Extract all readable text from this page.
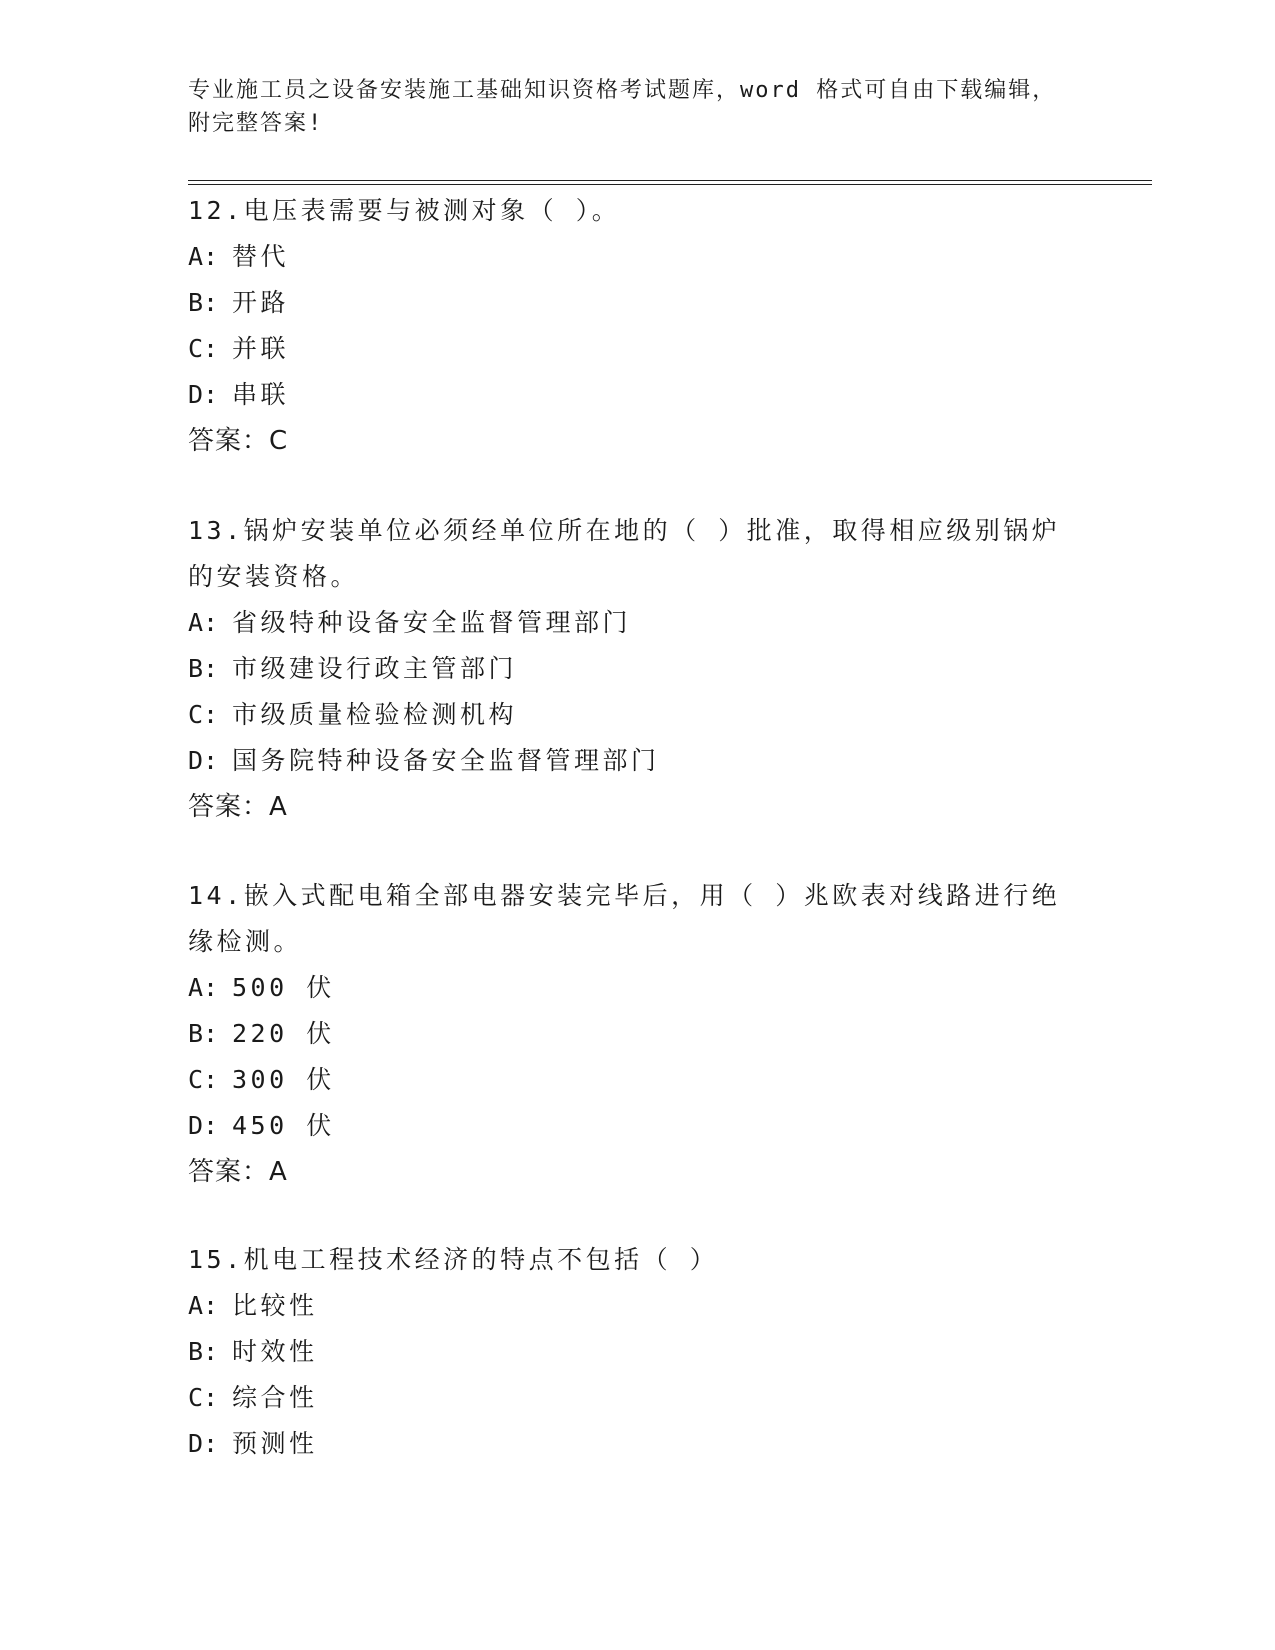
专业施工员之设备安装施工基础知识资格考试题库，word 格式可自由下载编辑，
附完整答案!

12.电压表需要与被测对象（ ）。

A: 替代

B: 开路

C: 并联

D: 串联

答案：C

13.锅炉安装单位必须经单位所在地的（ ）批准，取得相应级别锅炉的安装资格。

A: 省级特种设备安全监督管理部门

B: 市级建设行政主管部门

C: 市级质量检验检测机构

D: 国务院特种设备安全监督管理部门

答案：A

14.嵌入式配电箱全部电器安装完毕后，用（ ）兆欧表对线路进行绝缘检测。

A: 500 伏

B: 220 伏

C: 300 伏

D: 450 伏

答案：A

15.机电工程技术经济的特点不包括（ ）

A: 比较性

B: 时效性

C: 综合性

D: 预测性
